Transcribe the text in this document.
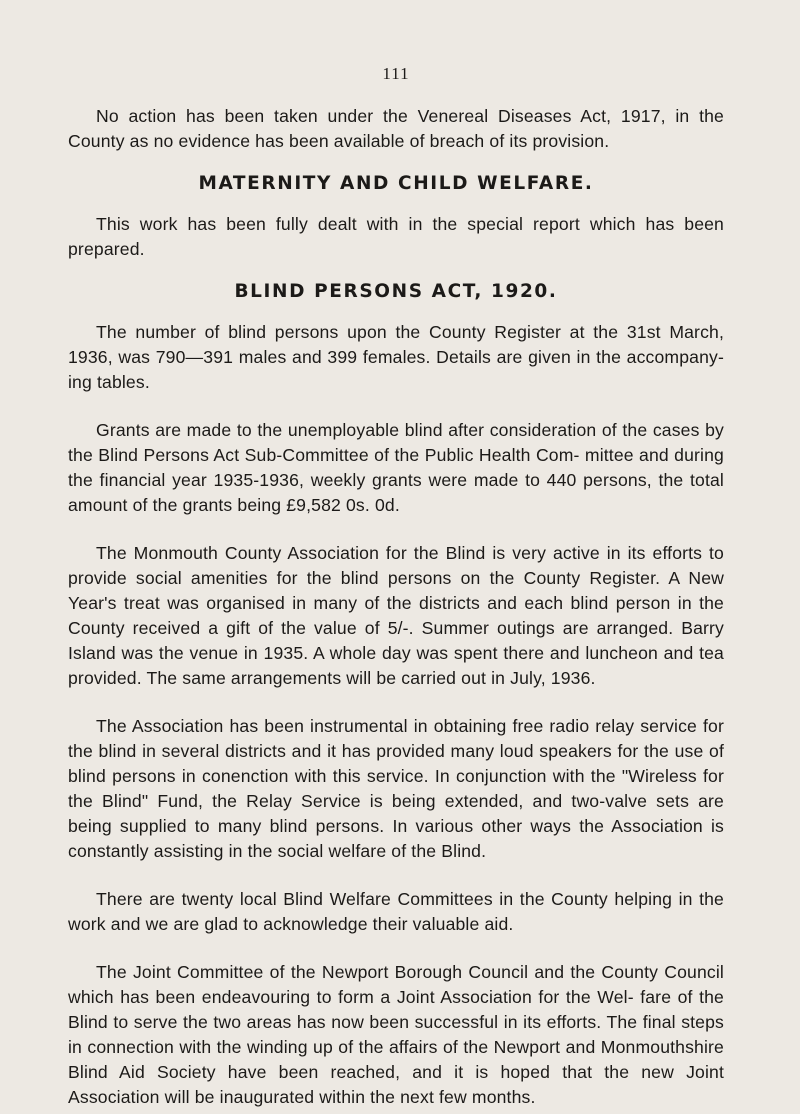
111

No action has been taken under the Venereal Diseases Act, 1917, in the County as no evidence has been available of breach of its provision.

MATERNITY AND CHILD WELFARE.

This work has been fully dealt with in the special report which has been prepared.

BLIND PERSONS ACT, 1920.

The number of blind persons upon the County Register at the 31st March, 1936, was 790—391 males and 399 females. Details are given in the accompany- ing tables.

Grants are made to the unemployable blind after consideration of the cases by the Blind Persons Act Sub-Committee of the Public Health Com- mittee and during the financial year 1935-1936, weekly grants were made to 440 persons, the total amount of the grants being £9,582 0s. 0d.

The Monmouth County Association for the Blind is very active in its efforts to provide social amenities for the blind persons on the County Register. A New Year's treat was organised in many of the districts and each blind person in the County received a gift of the value of 5/-. Summer outings are arranged. Barry Island was the venue in 1935. A whole day was spent there and luncheon and tea provided. The same arrangements will be carried out in July, 1936.

The Association has been instrumental in obtaining free radio relay service for the blind in several districts and it has provided many loud speakers for the use of blind persons in conenction with this service. In conjunction with the "Wireless for the Blind" Fund, the Relay Service is being extended, and two-valve sets are being supplied to many blind persons. In various other ways the Association is constantly assisting in the social welfare of the Blind.

There are twenty local Blind Welfare Committees in the County helping in the work and we are glad to acknowledge their valuable aid.

The Joint Committee of the Newport Borough Council and the County Council which has been endeavouring to form a Joint Association for the Wel- fare of the Blind to serve the two areas has now been successful in its efforts. The final steps in connection with the winding up of the affairs of the Newport and Monmouthshire Blind Aid Society have been reached, and it is hoped that the new Joint Association will be inaugurated within the next few months.
